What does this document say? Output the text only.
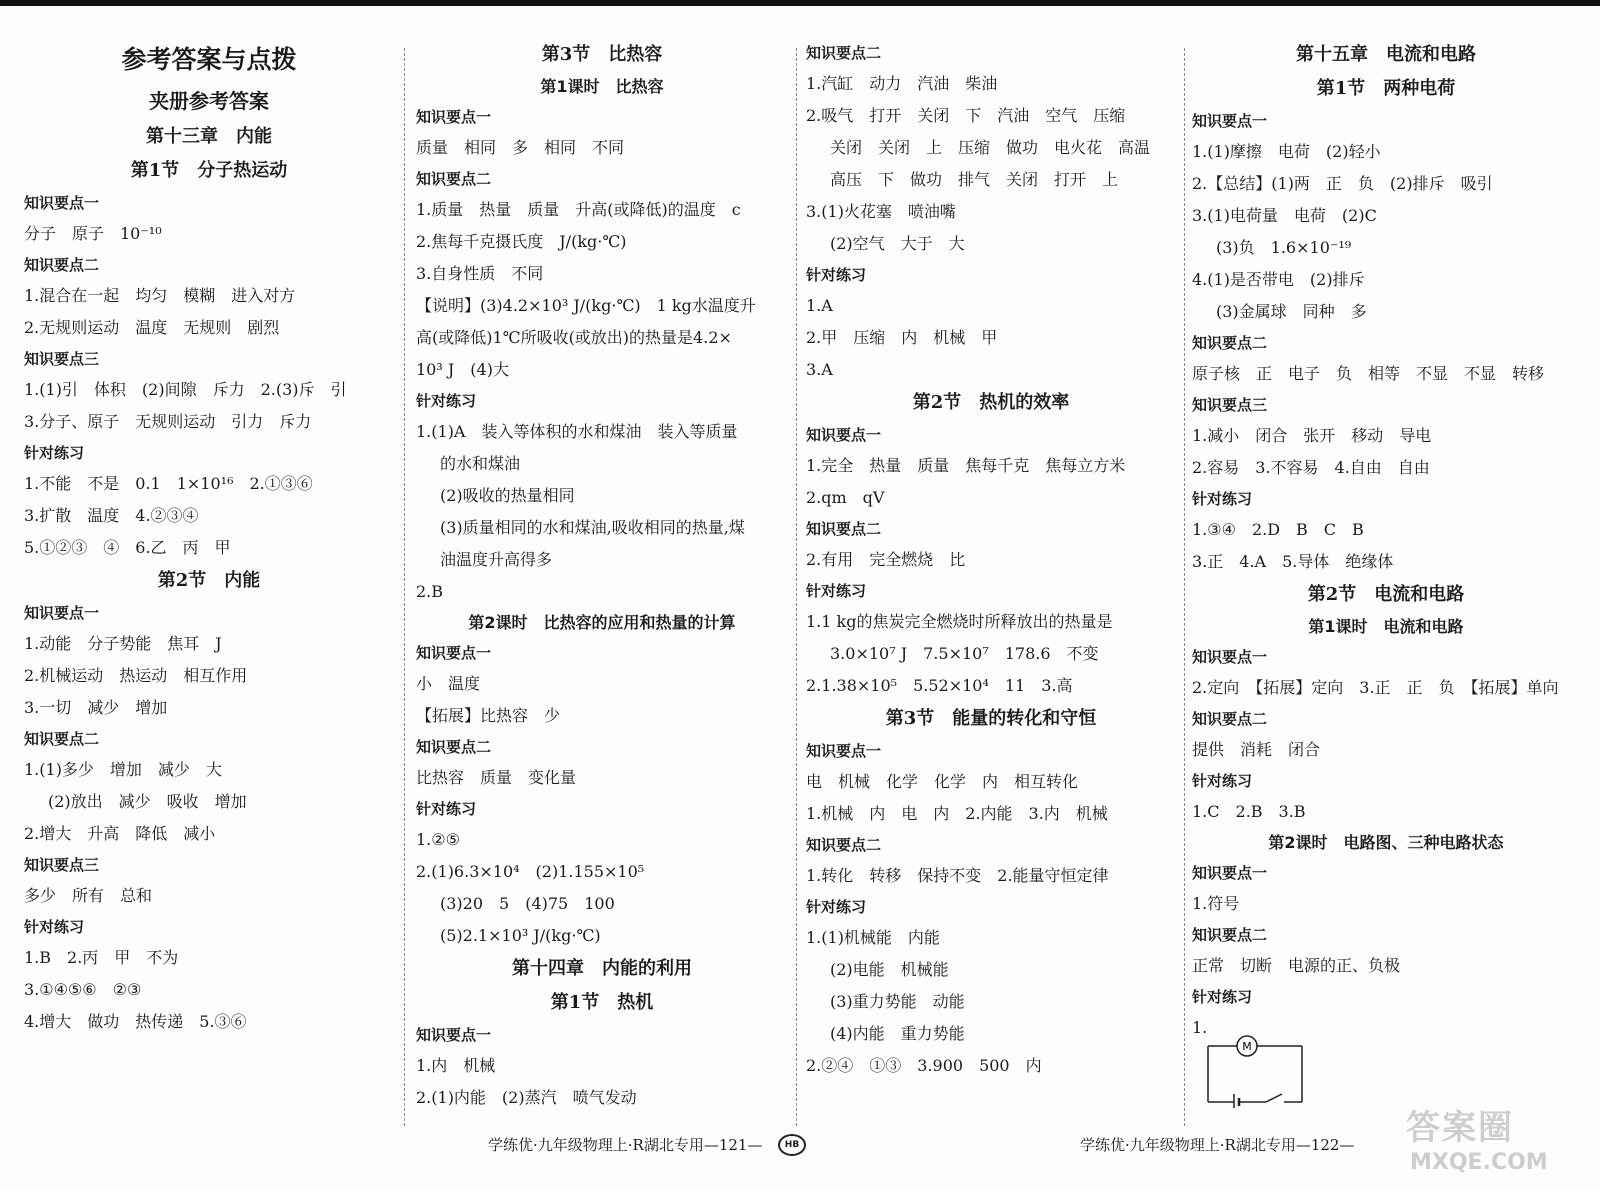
参考答案与点拨
夹册参考答案
第十三章　内能
第1节　分子热运动
知识要点一
分子　原子　10⁻¹⁰
知识要点二
1.混合在一起　均匀　模糊　进入对方
2.无规则运动　温度　无规则　剧烈
知识要点三
1.(1)引　体积　(2)间隙　斥力　2.(3)斥　引
3.分子、原子　无规则运动　引力　斥力
针对练习
1.不能　不是　0.1　1×10¹⁶　2.①③⑥
3.扩散　温度　4.②③④
5.①②③　④　6.乙　丙　甲
第2节　内能
知识要点一
1.动能　分子势能　焦耳　J
2.机械运动　热运动　相互作用
3.一切　减少　增加
知识要点二
1.(1)多少　增加　减少　大
(2)放出　减少　吸收　增加
2.增大　升高　降低　减小
知识要点三
多少　所有　总和
针对练习
1.B　2.丙　甲　不为
3.①④⑤⑥　②③
4.增大　做功　热传递　5.③⑥
第3节　比热容
第1课时　比热容
知识要点一
质量　相同　多　相同　不同
知识要点二
1.质量　热量　质量　升高(或降低)的温度　c
2.焦每千克摄氏度　J/(kg·℃)
3.自身性质　不同
【说明】(3)4.2×10³ J/(kg·℃)　1 kg水温度升
高(或降低)1℃所吸收(或放出)的热量是4.2×
10³ J　(4)大
针对练习
1.(1)A　装入等体积的水和煤油　装入等质量
的水和煤油
(2)吸收的热量相同
(3)质量相同的水和煤油,吸收相同的热量,煤
油温度升高得多
2.B
第2课时　比热容的应用和热量的计算
知识要点一
小　温度
【拓展】比热容　少
知识要点二
比热容　质量　变化量
针对练习
1.②⑤
2.(1)6.3×10⁴　(2)1.155×10⁵
(3)20　5　(4)75　100
(5)2.1×10³ J/(kg·℃)
第十四章　内能的利用
第1节　热机
知识要点一
1.内　机械
2.(1)内能　(2)蒸汽　喷气发动
知识要点二
1.汽缸　动力　汽油　柴油
2.吸气　打开　关闭　下　汽油　空气　压缩
关闭　关闭　上　压缩　做功　电火花　高温
高压　下　做功　排气　关闭　打开　上
3.(1)火花塞　喷油嘴
(2)空气　大于　大
针对练习
1.A
2.甲　压缩　内　机械　甲
3.A
第2节　热机的效率
知识要点一
1.完全　热量　质量　焦每千克　焦每立方米
2.qm　qV
知识要点二
2.有用　完全燃烧　比
针对练习
1.1 kg的焦炭完全燃烧时所释放出的热量是
3.0×10⁷ J　7.5×10⁷　178.6　不变
2.1.38×10⁵　5.52×10⁴　11　3.高
第3节　能量的转化和守恒
知识要点一
电　机械　化学　化学　内　相互转化
1.机械　内　电　内　2.内能　3.内　机械
知识要点二
1.转化　转移　保持不变　2.能量守恒定律
针对练习
1.(1)机械能　内能
(2)电能　机械能
(3)重力势能　动能
(4)内能　重力势能
2.②④　①③　3.900　500　内
第十五章　电流和电路
第1节　两种电荷
知识要点一
1.(1)摩擦　电荷　(2)轻小
2.【总结】(1)两　正　负　(2)排斥　吸引
3.(1)电荷量　电荷　(2)C
(3)负　1.6×10⁻¹⁹
4.(1)是否带电　(2)排斥
(3)金属球　同种　多
知识要点二
原子核　正　电子　负　相等　不显　不显　转移
知识要点三
1.减小　闭合　张开　移动　导电
2.容易　3.不容易　4.自由　自由
针对练习
1.③④　2.D　B　C　B
3.正　4.A　5.导体　绝缘体
第2节　电流和电路
第1课时　电流和电路
知识要点一
2.定向　【拓展】定向　3.正　正　负　【拓展】单向
知识要点二
提供　消耗　闭合
针对练习
1.C　2.B　3.B
第2课时　电路图、三种电路状态
知识要点一
1.符号
知识要点二
正常　切断　电源的正、负极
针对练习
1.
M
学练优·九年级物理上·R湖北专用—121—	HB	学练优·九年级物理上·R湖北专用—122— 答案圈
MXQE.COM
